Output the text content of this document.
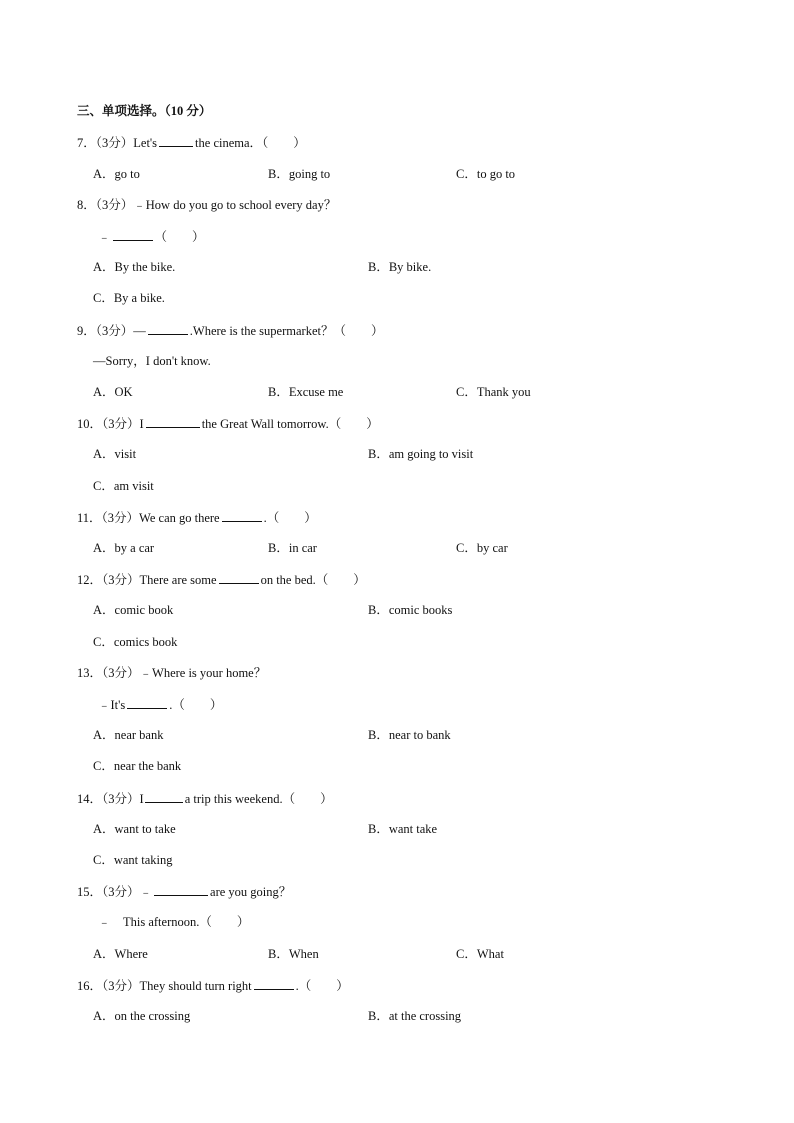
三、单项选择。（10 分）
7．（3分）Let's	the cinema．（　　）
A．go to	B．going to	C．to go to
8．（3分）﹣How do you go to school every day？
﹣	（　　）
A．By the bike.	B．By bike.
C．By a bike.
9．（3分）—	.Where is the supermarket？（　　）
—Sorry，I don't know.
A．OK	B．Excuse me	C．Thank you
10．（3分）I	the Great Wall tomorrow.（　　）
A．visit	B．am going to visit
C．am visit
11．（3分）We can go there	.（　　）
A．by a car	B．in car	C．by car
12．（3分）There are some	on the bed.（　　）
A．comic book	B．comic books
C．comics book
13．（3分）﹣Where is your home？
﹣It's	.（　　）
A．near bank	B．near to bank
C．near the bank
14．（3分）I	a trip this weekend.（　　）
A．want to take	B．want take
C．want taking
15．（3分）﹣	are you going？
﹣　This afternoon.（　　）
A．Where	B．When	C．What
16．（3分）They should turn right	.（　　）
A．on the crossing	B．at the crossing
